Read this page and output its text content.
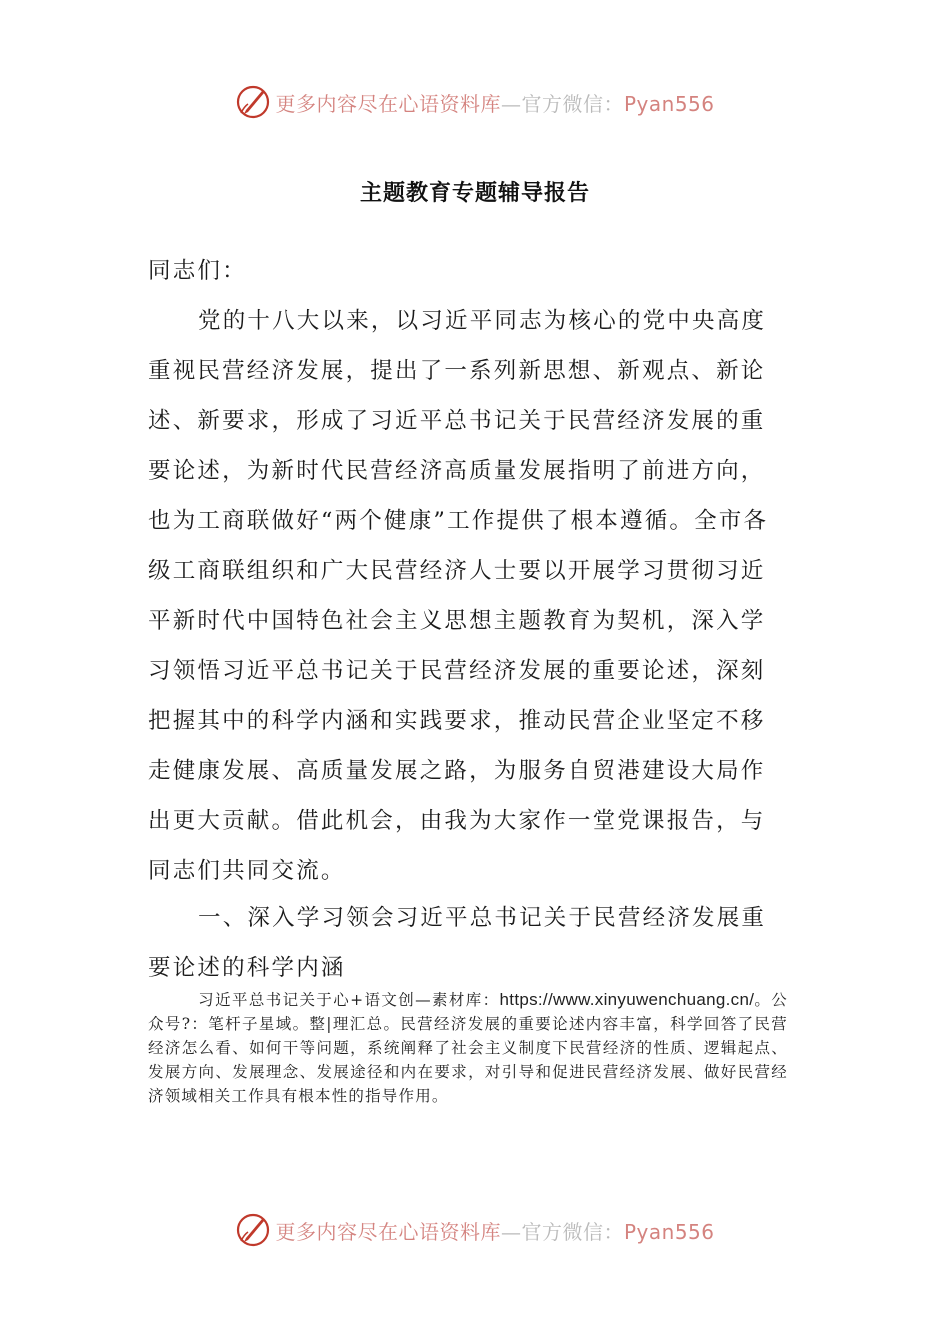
更多内容尽在心语资料库—官方微信：Pyan556
主题教育专题辅导报告
同志们：
党的十八大以来，以习近平同志为核心的党中央高度重视民营经济发展，提出了一系列新思想、新观点、新论述、新要求，形成了习近平总书记关于民营经济发展的重要论述，为新时代民营经济高质量发展指明了前进方向，也为工商联做好“两个健康”工作提供了根本遵循。全市各级工商联组织和广大民营经济人士要以开展学习贯彻习近平新时代中国特色社会主义思想主题教育为契机，深入学习领悟习近平总书记关于民营经济发展的重要论述，深刻把握其中的科学内涵和实践要求，推动民营企业坚定不移走健康发展、高质量发展之路，为服务自贸港建设大局作出更大贡献。借此机会，由我为大家作一堂党课报告，与同志们共同交流。
一、深入学习领会习近平总书记关于民营经济发展重要论述的科学内涵
习近平总书记关于心+语文创—素材库：https://www.xinyuwenchuang.cn/。公众号?：笔杆子星域。整|理汇总。民营经济发展的重要论述内容丰富，科学回答了民营经济怎么看、如何干等问题，系统阐释了社会主义制度下民营经济的性质、逻辑起点、发展方向、发展理念、发展途径和内在要求，对引导和促进民营经济发展、做好民营经济领域相关工作具有根本性的指导作用。
更多内容尽在心语资料库—官方微信：Pyan556
